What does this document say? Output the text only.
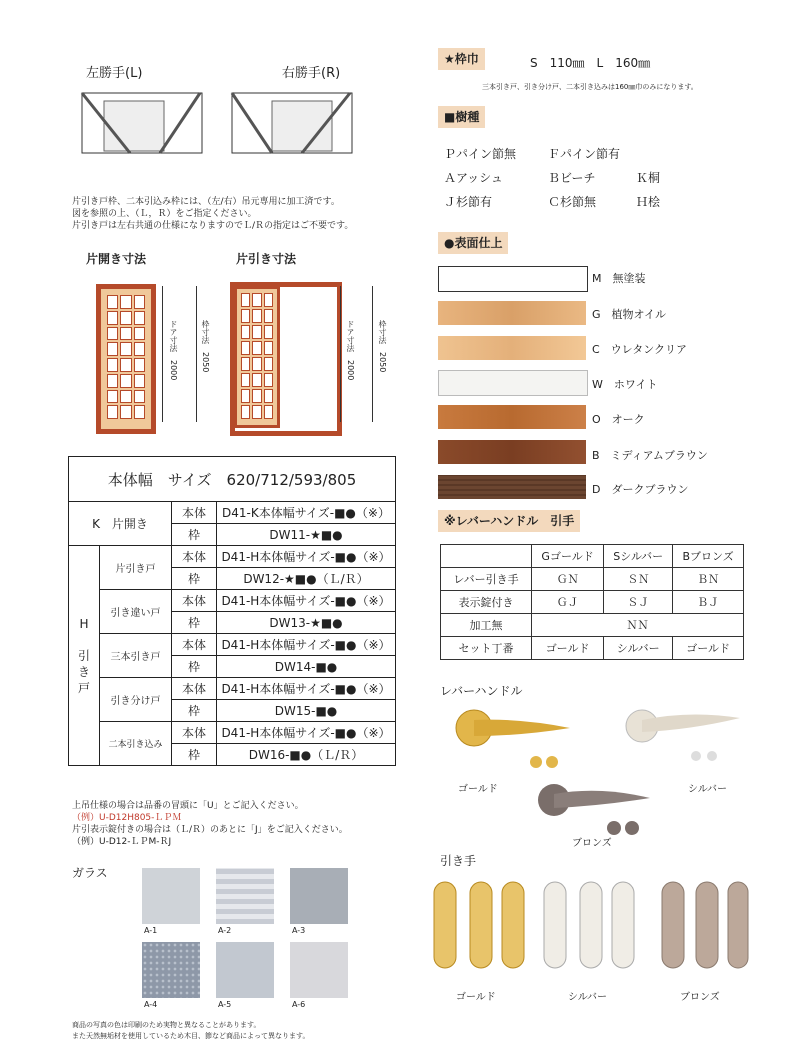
左勝手(L)	右勝手(R)
片引き戸枠、二本引込み枠には、（左/右）吊元専用に加工済です。
図を参照の上、（Ｌ，Ｒ）をご指定ください。
片引き戸は左右共通の仕様になりますのでＬ/Ｒの指定はご不要です。
片開き寸法	片引き寸法
ドア寸法　2000
枠寸法　2050
ドア寸法　2000
枠寸法　2050
本体幅　サイズ　620/712/593/805			
K　片開き		本体	D41-K本体幅サイズ-■●（※）
		枠	DW11-★■●
H

引
き
戸	片引き戸	本体	D41-H本体幅サイズ-■●（※）
		枠	DW12-★■●（Ｌ/Ｒ）
	引き違い戸	本体	D41-H本体幅サイズ-■●（※）
		枠	DW13-★■●
	三本引き戸	本体	D41-H本体幅サイズ-■●（※）
		枠	DW14-■●
	引き分け戸	本体	D41-H本体幅サイズ-■●（※）
		枠	DW15-■●
	二本引き込み	本体	D41-H本体幅サイズ-■●（※）
		枠	DW16-■●（Ｌ/Ｒ）
上吊仕様の場合は品番の冒頭に「U」とご記入ください。
（例）U-D12H805-ＬＰＭ
片引表示錠付きの場合は（Ｌ/Ｒ）のあとに「J」をご記入ください。
（例）U-D12-ＬＰM-ＲJ
ガラス
A-1	A-2	A-3
A-4	A-5	A-6
商品の写真の色は印刷のため実物と異なることがあります。
また天然無垢材を使用しているため木目、節など商品によって異なります。
★枠巾	S　110㎜　L　160㎜
三本引き戸、引き分け戸、二本引き込みは160㎜巾のみになります。
■樹種
Ｐパイン節無	Ｆパイン節有
Ａアッシュ	Ｂビーチ	Ｋ桐
Ｊ杉節有	Ｃ杉節無	Ｈ桧
●表面仕上
M　 無塗装
G　 植物オイル
C　 ウレタンクリア
W　 ホワイト
O　 オーク
B　 ミディアムブラウン
D　 ダークブラウン
※レバーハンドル　引手
	Gゴールド	Sシルバー	Bブロンズ
レバー引き手	ＧＮ	ＳＮ	ＢＮ
表示錠付き	ＧＪ	ＳＪ	ＢＪ
加工無	ＮＮ		
セット丁番	ゴールド	シルバー	ゴールド
レバーハンドル
ゴールド	シルバー
ブロンズ
引き手
ゴールド	シルバー	ブロンズ
